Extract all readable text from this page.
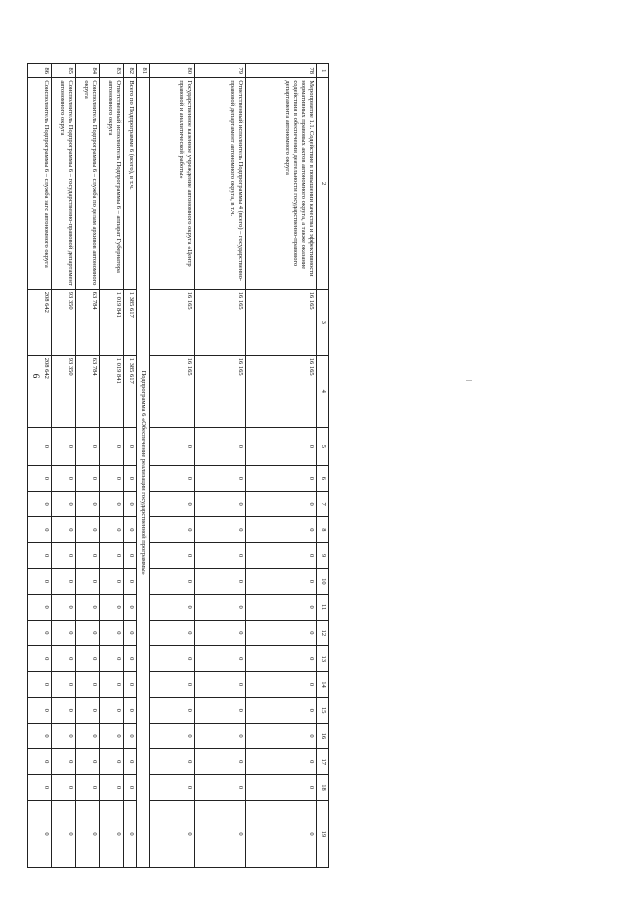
6
1	2	3	4	5	6	7	8	9	10	11	12	13	14	15	16	17	18	19
78	Мероприятие 1.1. Содействие в повышении качества и эффективности нормативных правовых актов автономного округа, а также оказание содействия в обеспечении деятельности государственно-правового департамента автономного округа	16 165	16 165	0	0	0	0	0	0	0	0	0	0	0	0	0	0	0
79	Ответственный исполнитель Подпрограммы 4 (всего) – государственно-правовой департамент автономного округа, в т.ч.	16 165	16 165	0	0	0	0	0	0	0	0	0	0	0	0	0	0	0
80	Государственное казенное учреждение автономного округа «Центр правовой и аналитической работы»	16 165	16 165	0	0	0	0	0	0	0	0	0	0	0	0	0	0	0
81	Подпрограмма 6 «Обеспечение реализации государственной программы»																	
82	Всего по Подпрограмме 6 (всего), в т.ч.	1 385 617	1 385 617	0	0	0	0	0	0	0	0	0	0	0	0	0	0	0
83	Ответственный исполнитель Подпрограммы 6 – аппарат Губернатора автономного округа	1 019 841	1 019 841	0	0	0	0	0	0	0	0	0	0	0	0	0	0	0
84	Соисполнитель Подпрограммы 6 – служба по делам архивов автономного округа	63 784	63 784	0	0	0	0	0	0	0	0	0	0	0	0	0	0	0
85	Соисполнитель Подпрограммы 6 – государственно-правовой департамент автономного округа	93 350	93 350	0	0	0	0	0	0	0	0	0	0	0	0	0	0	0
86	Соисполнитель Подпрограммы 6 – служба загс автономного округа	208 642	208 642	0	0	0	0	0	0	0	0	0	0	0	0	0	0	0
